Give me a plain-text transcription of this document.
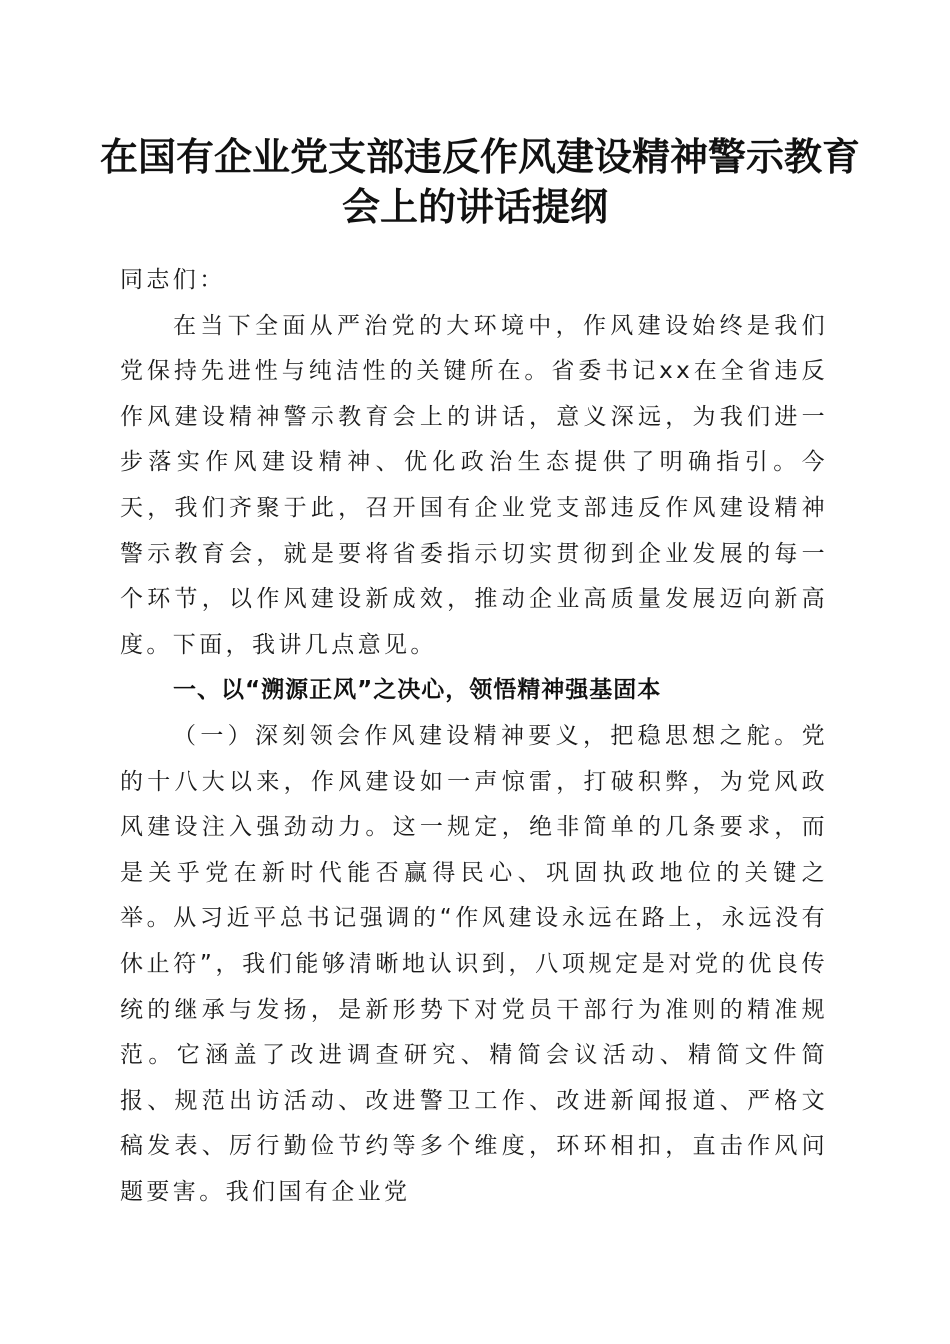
在国有企业党支部违反作风建设精神警示教育
会上的讲话提纲

同志们：

在当下全面从严治党的大环境中，作风建设始终是我们党保持先进性与纯洁性的关键所在。省委书记xx在全省违反作风建设精神警示教育会上的讲话，意义深远，为我们进一步落实作风建设精神、优化政治生态提供了明确指引。今天，我们齐聚于此，召开国有企业党支部违反作风建设精神警示教育会，就是要将省委指示切实贯彻到企业发展的每一个环节，以作风建设新成效，推动企业高质量发展迈向新高度。下面，我讲几点意见。

一、以“溯源正风”之决心，领悟精神强基固本

（一）深刻领会作风建设精神要义，把稳思想之舵。党的十八大以来，作风建设如一声惊雷，打破积弊，为党风政风建设注入强劲动力。这一规定，绝非简单的几条要求，而是关乎党在新时代能否赢得民心、巩固执政地位的关键之举。从习近平总书记强调的“作风建设永远在路上，永远没有休止符”，我们能够清晰地认识到，八项规定是对党的优良传统的继承与发扬，是新形势下对党员干部行为准则的精准规范。它涵盖了改进调查研究、精简会议活动、精简文件简报、规范出访活动、改进警卫工作、改进新闻报道、严格文稿发表、厉行勤俭节约等多个维度，环环相扣，直击作风问题要害。我们国有企业党
